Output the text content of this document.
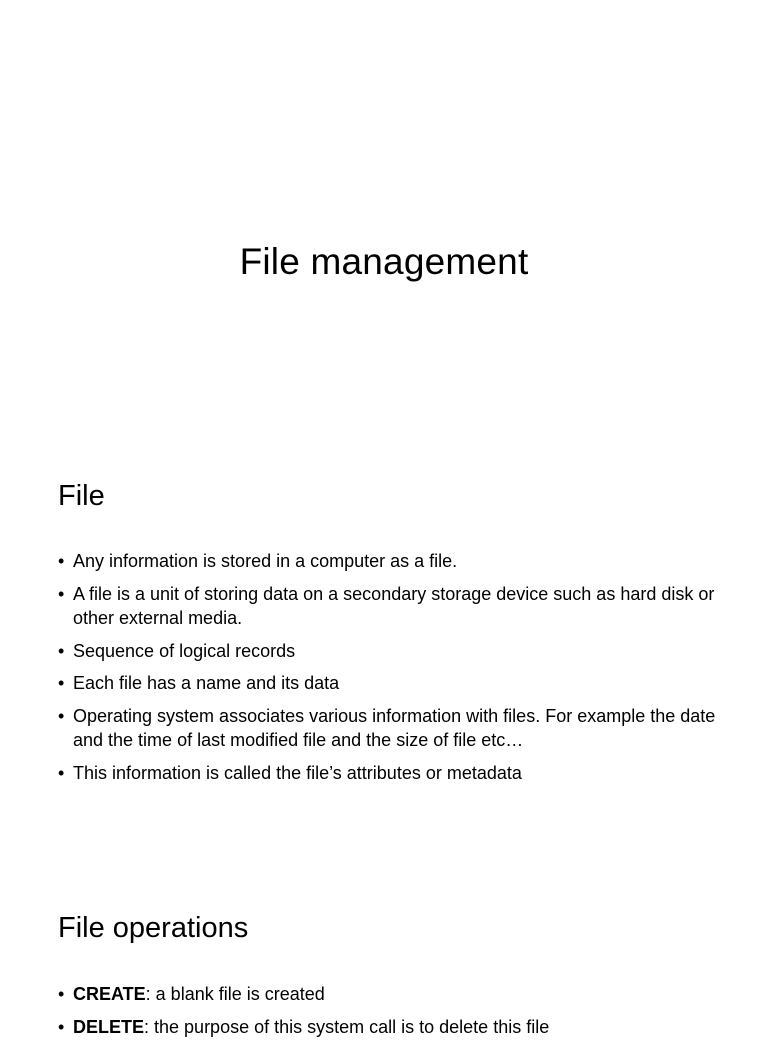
File management
File
• Any information is stored in a computer as a file.
• A file is a unit of storing data on a secondary storage device such as hard disk or other external media.
• Sequence of logical records
• Each file has a name and its data
• Operating system associates various information with files. For example the date and the time of last modified file and the size of file etc…
• This information is called the file’s attributes or metadata
File operations
• CREATE: a blank file is created
• DELETE: the purpose of this system call is to delete this file
